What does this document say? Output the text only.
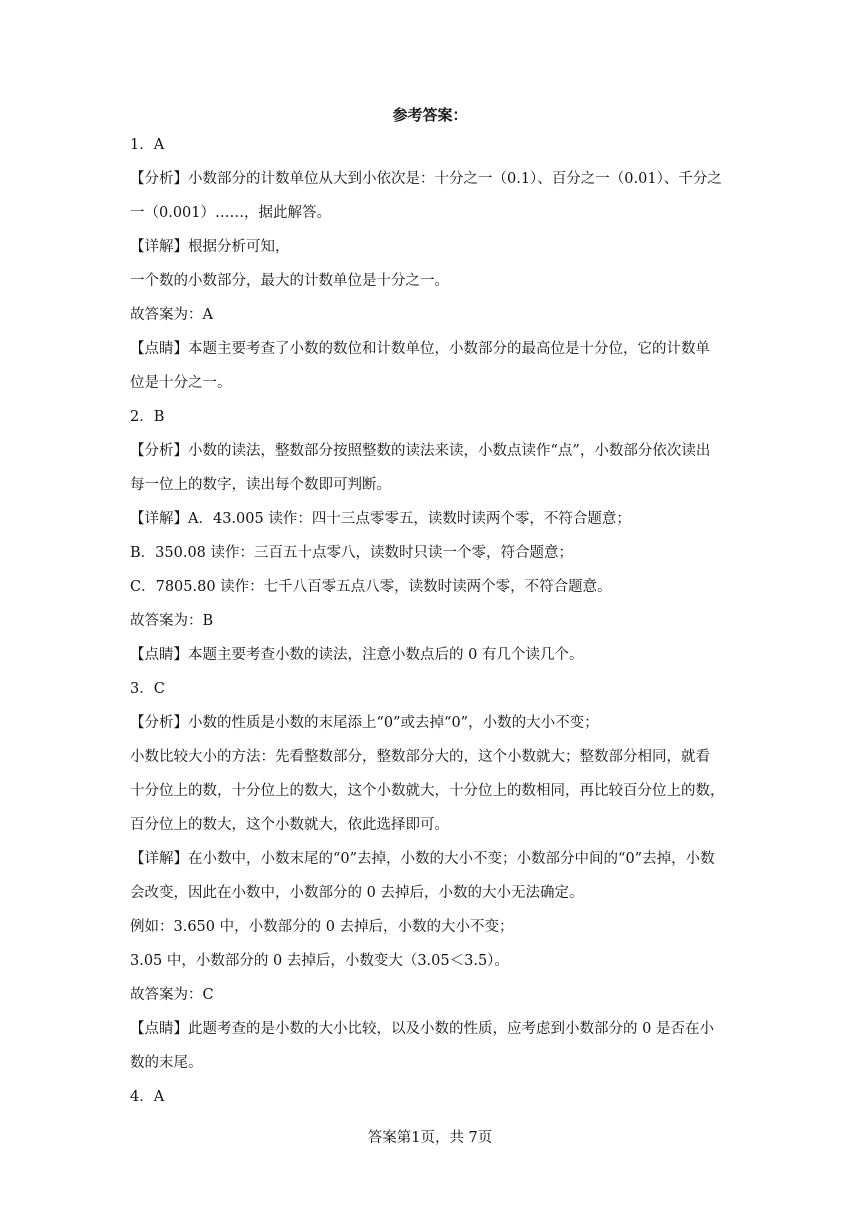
参考答案：
1．A
【分析】小数部分的计数单位从大到小依次是：十分之一（0.1）、百分之一（0.01）、千分之
一（0.001）……，据此解答。
【详解】根据分析可知，
一个数的小数部分，最大的计数单位是十分之一。
故答案为：A
【点睛】本题主要考查了小数的数位和计数单位，小数部分的最高位是十分位，它的计数单
位是十分之一。
2．B
【分析】小数的读法，整数部分按照整数的读法来读，小数点读作“点”，小数部分依次读出
每一位上的数字，读出每个数即可判断。
【详解】A．43.005 读作：四十三点零零五，读数时读两个零，不符合题意；
B．350.08 读作：三百五十点零八，读数时只读一个零，符合题意；
C．7805.80 读作：七千八百零五点八零，读数时读两个零，不符合题意。
故答案为：B
【点睛】本题主要考查小数的读法，注意小数点后的 0 有几个读几个。
3．C
【分析】小数的性质是小数的末尾添上“0”或去掉“0”，小数的大小不变；
小数比较大小的方法：先看整数部分，整数部分大的，这个小数就大；整数部分相同，就看
十分位上的数，十分位上的数大，这个小数就大，十分位上的数相同，再比较百分位上的数，
百分位上的数大，这个小数就大，依此选择即可。
【详解】在小数中，小数末尾的“0”去掉，小数的大小不变；小数部分中间的“0”去掉，小数
会改变，因此在小数中，小数部分的 0 去掉后，小数的大小无法确定。
例如：3.650 中，小数部分的 0 去掉后，小数的大小不变；
3.05 中，小数部分的 0 去掉后，小数变大（3.05＜3.5）。
故答案为：C
【点睛】此题考查的是小数的大小比较，以及小数的性质，应考虑到小数部分的 0 是否在小
数的末尾。
4．A
答案第1页，共 7页
